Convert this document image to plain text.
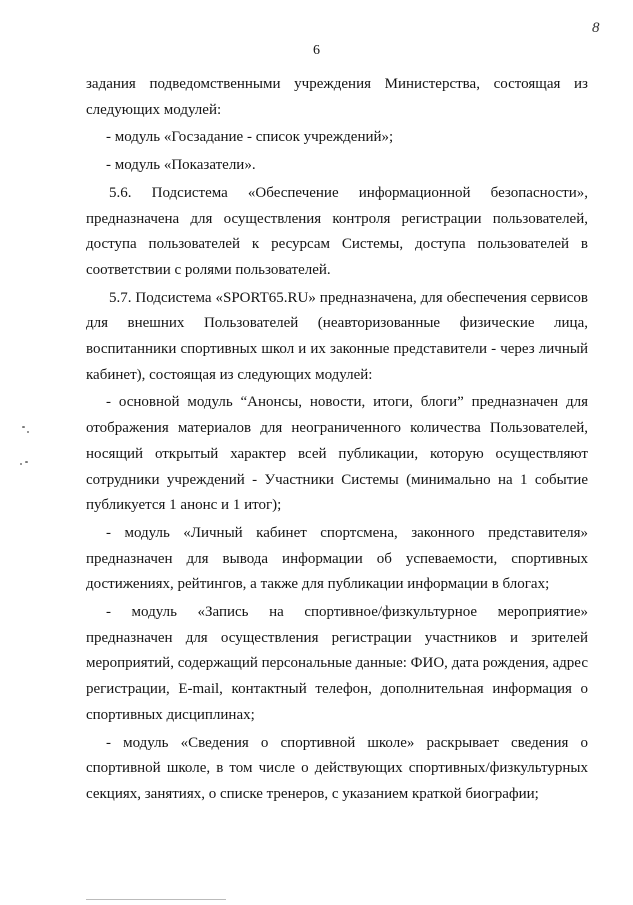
6
8

задания подведомственными учреждения Министерства, состоящая из следующих модулей:

- модуль «Госзадание - список учреждений»;

- модуль «Показатели».

5.6. Подсистема «Обеспечение информационной безопасности», предназначена для осуществления контроля регистрации пользователей, доступа пользователей к ресурсам Системы, доступа пользователей в соответствии с ролями пользователей.

5.7. Подсистема «SPORT65.RU» предназначена, для обеспечения сервисов для внешних Пользователей (неавторизованные физические лица, воспитанники спортивных школ и их законные представители - через личный кабинет), состоящая из следующих модулей:

- основной модуль “Анонсы, новости, итоги, блоги” предназначен для отображения материалов для неограниченного количества Пользователей, носящий открытый характер всей публикации, которую осуществляют сотрудники учреждений - Участники Системы (минимально на 1 событие публикуется 1 анонс и 1 итог);

- модуль «Личный кабинет спортсмена, законного представителя» предназначен для вывода информации об успеваемости, спортивных достижениях, рейтингов, а также для публикации информации в блогах;

- модуль «Запись на спортивное/физкультурное мероприятие» предназначен для осуществления регистрации участников и зрителей мероприятий, содержащий персональные данные: ФИО, дата рождения, адрес регистрации, E-mail, контактный телефон, дополнительная информация о спортивных дисциплинах;

- модуль «Сведения о спортивной школе» раскрывает сведения о спортивной школе, в том числе о действующих спортивных/физкультурных секциях, занятиях, о списке тренеров, с указанием краткой биографии;
